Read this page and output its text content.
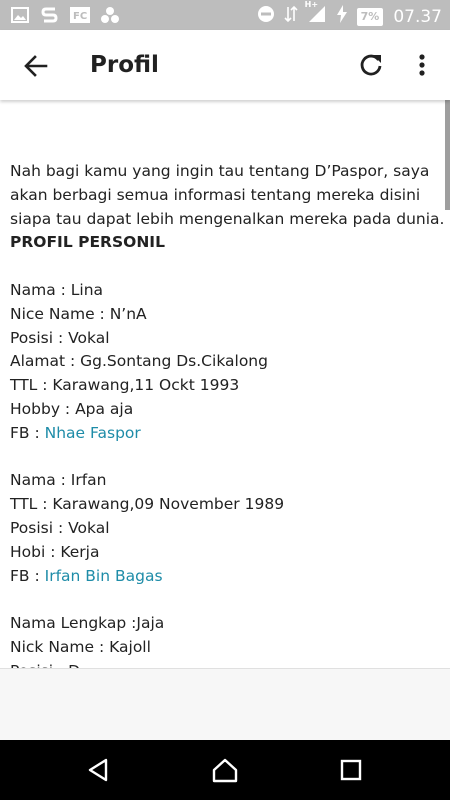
FC
H+
7% 07.37
Profil
Nah bagi kamu yang ingin tau tentang D’Paspor, saya akan berbagi semua informasi tentang mereka disini siapa tau dapat lebih mengenalkan mereka pada dunia.
PROFIL PERSONIL
Nama : Lina
Nice Name : N’nA
Posisi : Vokal
Alamat : Gg.Sontang Ds.Cikalong
TTL : Karawang,11 Ockt 1993
Hobby : Apa aja
FB : Nhae Faspor
Nama : Irfan
TTL : Karawang,09 November 1989
Posisi : Vokal
Hobi : Kerja
FB : Irfan Bin Bagas
Nama Lengkap :Jaja
Nick Name : Kajoll
